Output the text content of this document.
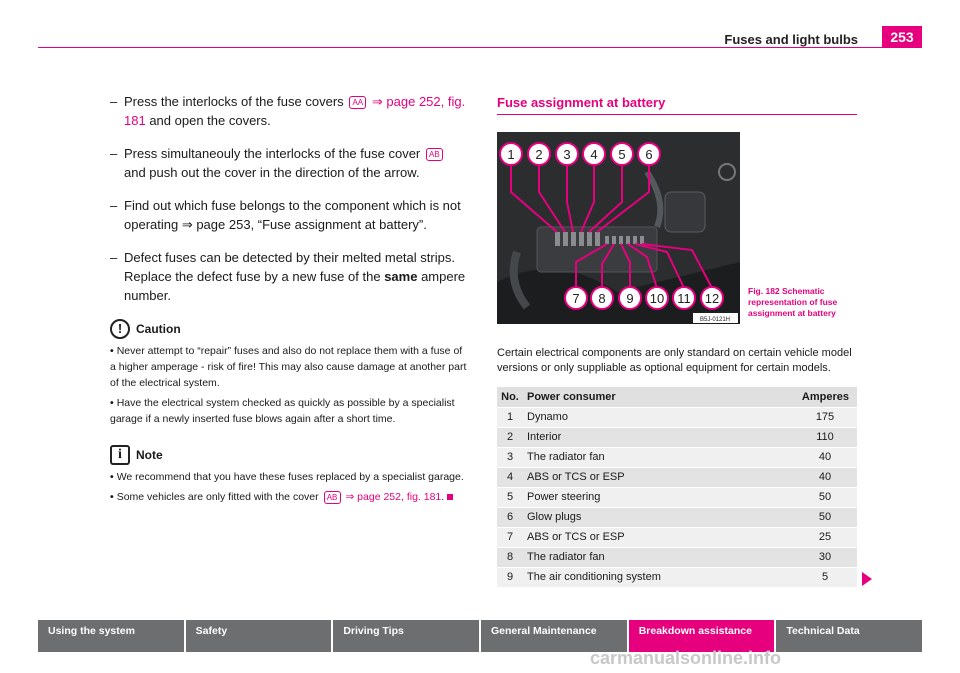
Fuses and light bulbs	253
– Press the interlocks of the fuse covers AA ⇒ page 252, fig. 181 and open the covers.
– Press simultaneouly the interlocks of the fuse cover AB and push out the cover in the direction of the arrow.
– Find out which fuse belongs to the component which is not operating ⇒ page 253, “Fuse assignment at battery”.
– Defect fuses can be detected by their melted metal strips. Replace the defect fuse by a new fuse of the same ampere number.
!	Caution
• Never attempt to “repair” fuses and also do not replace them with a fuse of a higher amperage - risk of fire! This may also cause damage at another part of the electrical system.
• Have the electrical system checked as quickly as possible by a specialist garage if a newly inserted fuse blows again after a short time.
i	Note
• We recommend that you have these fuses replaced by a specialist garage.
• Some vehicles are only fitted with the cover AB ⇒ page 252, fig. 181.
Fuse assignment at battery
1 2 3 4 5 6
7 8 9 10 11 12
B5J-0121H
Fig. 182 Schematic representation of fuse assignment at battery
Certain electrical components are only standard on certain vehicle model versions or only suppliable as optional equipment for certain models.
No.	Power consumer	Amperes
1	Dynamo	175
2	Interior	110
3	The radiator fan	40
4	ABS or TCS or ESP	40
5	Power steering	50
6	Glow plugs	50
7	ABS or TCS or ESP	25
8	The radiator fan	30
9	The air conditioning system	5
Using the system	Safety	Driving Tips	General Maintenance	Breakdown assistance	Technical Data
carmanualsonline.info
